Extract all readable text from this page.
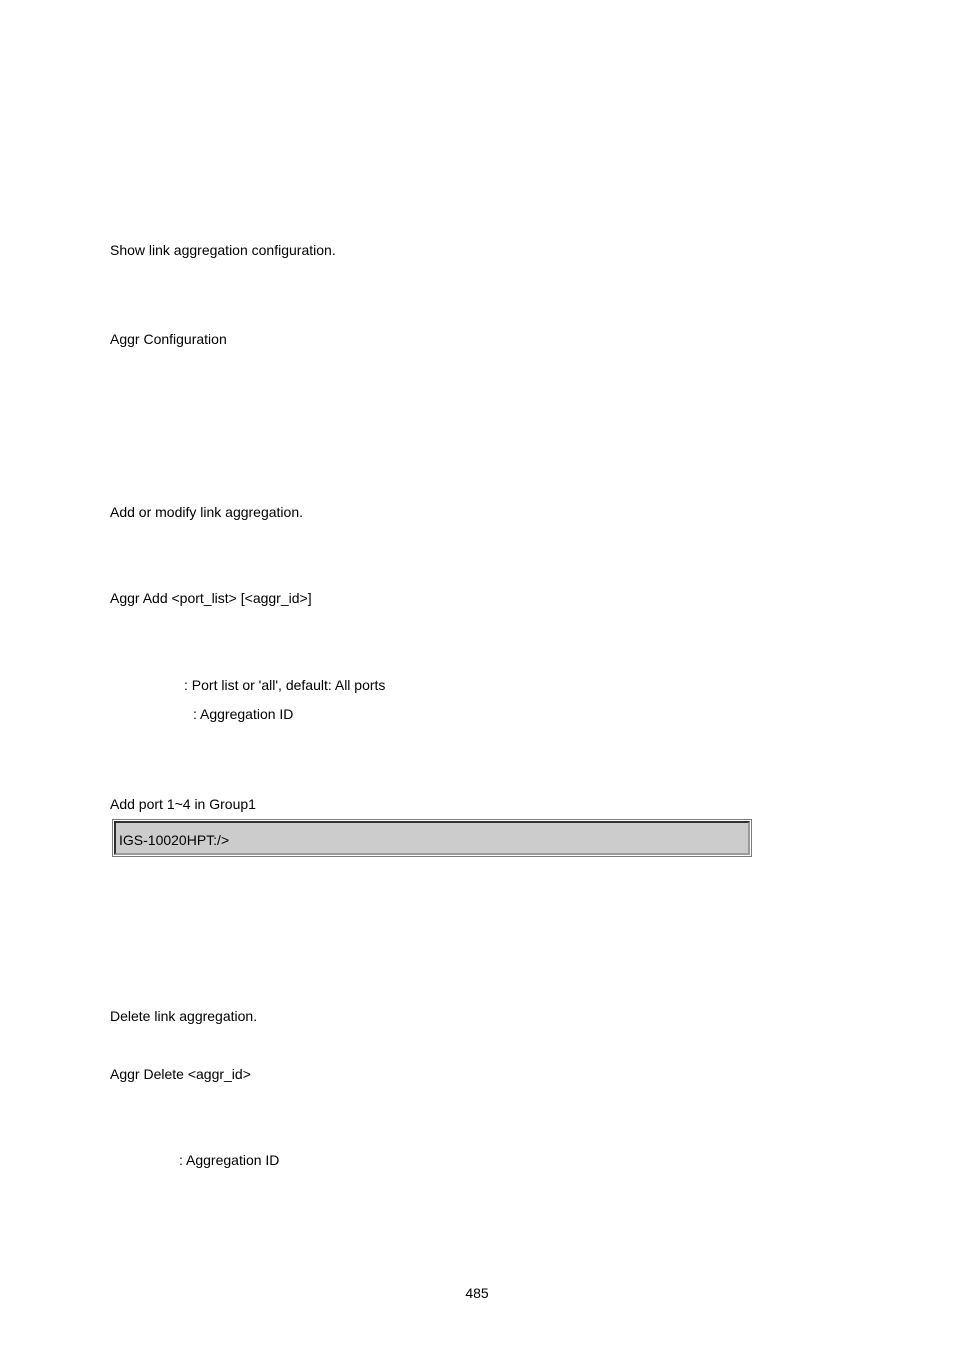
Show link aggregation configuration.

Aggr Configuration

Add or modify link aggregation.

Aggr Add <port_list> [<aggr_id>]

: Port list or 'all', default: All ports

: Aggregation ID

Add port 1~4 in Group1

IGS-10020HPT:/>

Delete link aggregation.

Aggr Delete <aggr_id>

: Aggregation ID

485
